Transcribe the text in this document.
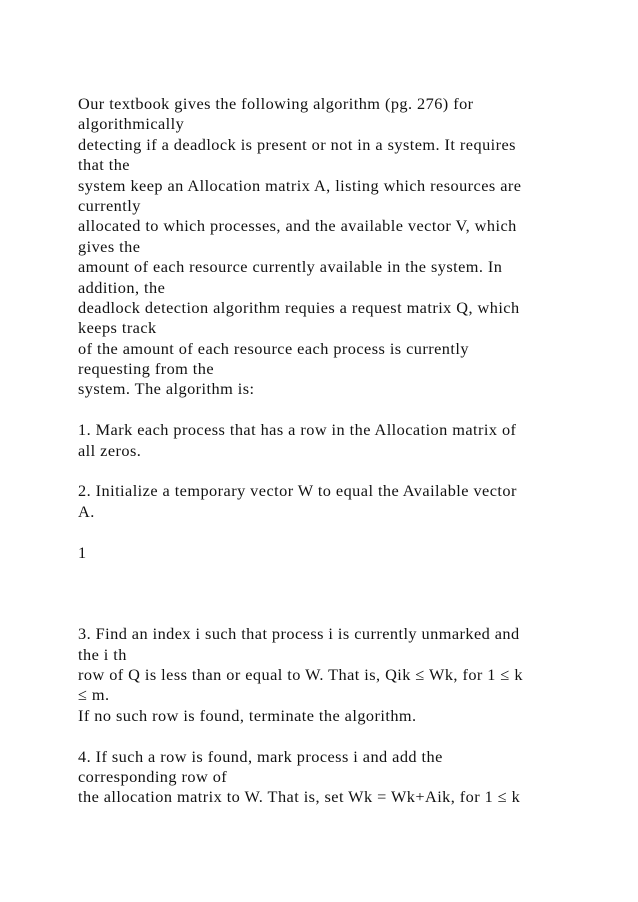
Our textbook gives the following algorithm (pg. 276) for
algorithmically
detecting if a deadlock is present or not in a system. It requires
that the
system keep an Allocation matrix A, listing which resources are
currently
allocated to which processes, and the available vector V, which
gives the
amount of each resource currently available in the system. In
addition, the
deadlock detection algorithm requies a request matrix Q, which
keeps track
of the amount of each resource each process is currently
requesting from the
system. The algorithm is:
1. Mark each process that has a row in the Allocation matrix of
all zeros.
2. Initialize a temporary vector W to equal the Available vector
A.
1
3. Find an index i such that process i is currently unmarked and
the i th
row of Q is less than or equal to W. That is, Qik ≤ Wk, for 1 ≤ k
≤ m.
If no such row is found, terminate the algorithm.
4. If such a row is found, mark process i and add the
corresponding row of
the allocation matrix to W. That is, set Wk = Wk+Aik, for 1 ≤ k
